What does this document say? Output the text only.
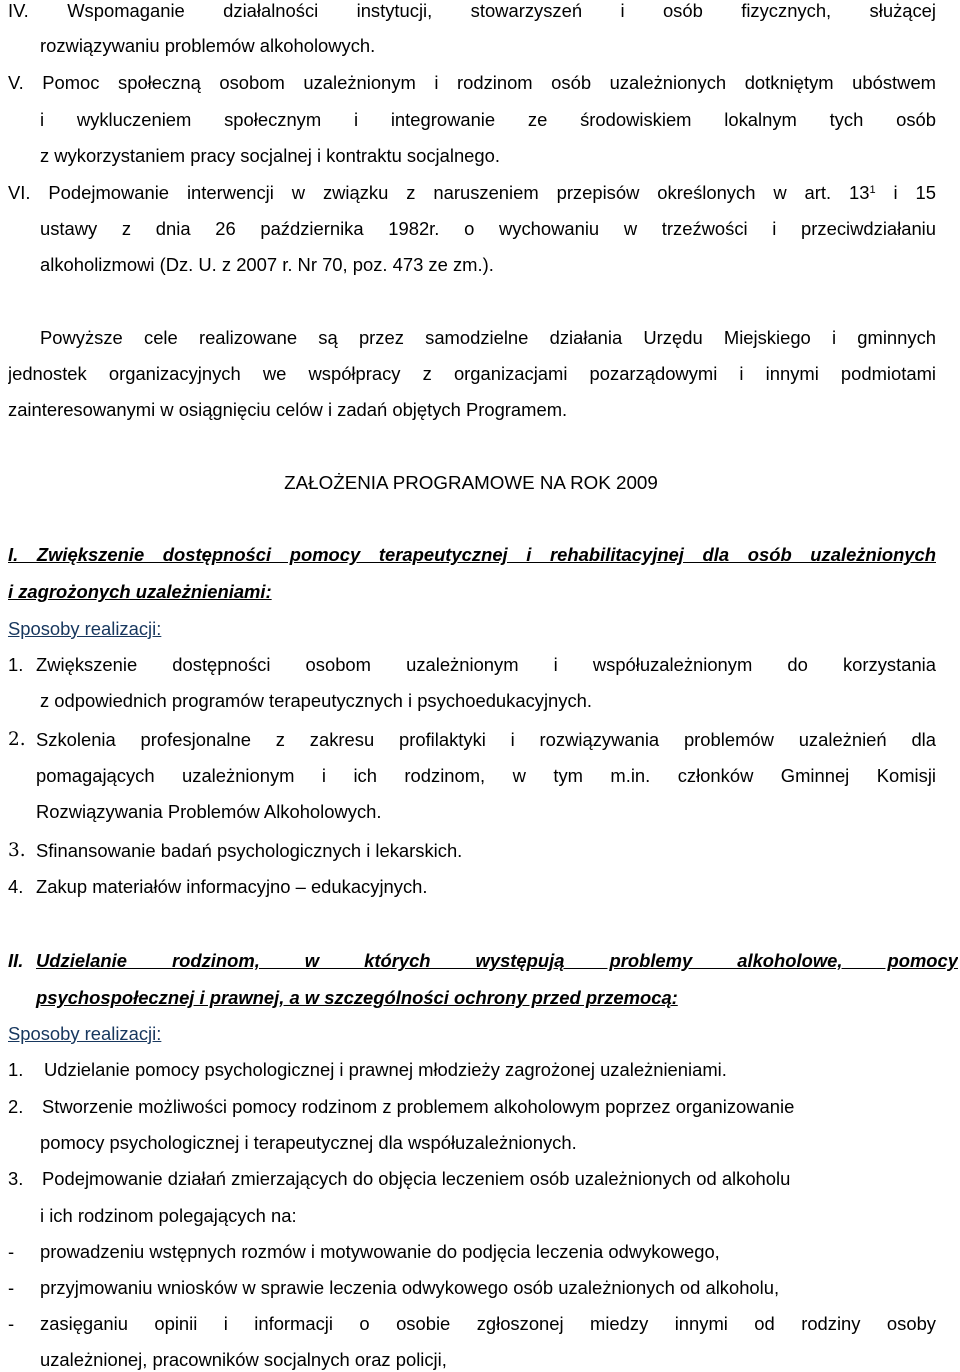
IV. Wspomaganie działalności instytucji, stowarzyszeń i osób fizycznych, służącej
rozwiązywaniu problemów alkoholowych.
V. Pomoc społeczną osobom uzależnionym i rodzinom osób uzależnionych dotkniętym ubóstwem
i wykluczeniem społecznym i integrowanie ze środowiskiem lokalnym tych osób
z wykorzystaniem pracy socjalnej i kontraktu socjalnego.
VI. Podejmowanie interwencji w związku z naruszeniem przepisów określonych w art. $13^1$ i 15
ustawy z dnia 26 października 1982r. o wychowaniu w trzeźwości i przeciwdziałaniu
alkoholizmowi (Dz. U. z 2007 r. Nr 70, poz. 473 ze zm.).
Powyższe cele realizowane są przez samodzielne działania Urzędu Miejskiego i gminnych
jednostek organizacyjnych we współpracy z organizacjami pozarządowymi i innymi podmiotami
zainteresowanymi w osiągnięciu celów i zadań objętych Programem.
ZAŁOŻENIA PROGRAMOWE NA ROK 2009
I. Zwiększenie dostępności pomocy terapeutycznej i rehabilitacyjnej dla osób uzależnionych
i zagrożonych uzależnieniami:
Sposoby realizacji:
1. Zwiększenie dostępności osobom uzależnionym i współuzależnionym do korzystania
z odpowiednich programów terapeutycznych i psychoedukacyjnych.
2. Szkolenia profesjonalne z zakresu profilaktyki i rozwiązywania problemów uzależnień dla
pomagających uzależnionym i ich rodzinom, w tym m.in. członków Gminnej Komisji
Rozwiązywania Problemów Alkoholowych.
3. Sfinansowanie badań psychologicznych i lekarskich.
4. Zakup materiałów informacyjno – edukacyjnych.
II. Udzielanie rodzinom, w których występują problemy alkoholowe, pomocy
psychospołecznej i prawnej, a w szczególności ochrony przed przemocą:
Sposoby realizacji:
1. Udzielanie pomocy psychologicznej i prawnej młodzieży zagrożonej uzależnieniami.
2. Stworzenie możliwości pomocy rodzinom z problemem alkoholowym poprzez organizowanie
pomocy psychologicznej i terapeutycznej dla współuzależnionych.
3. Podejmowanie działań zmierzających do objęcia leczeniem osób uzależnionych od alkoholu
i ich rodzinom polegających na:
- prowadzeniu wstępnych rozmów i motywowanie do podjęcia leczenia odwykowego,
- przyjmowaniu wniosków w sprawie leczenia odwykowego osób uzależnionych od alkoholu,
- zasięganiu opinii i informacji o osobie zgłoszonej miedzy innymi od rodziny osoby
uzależnionej, pracowników socjalnych oraz policji,
